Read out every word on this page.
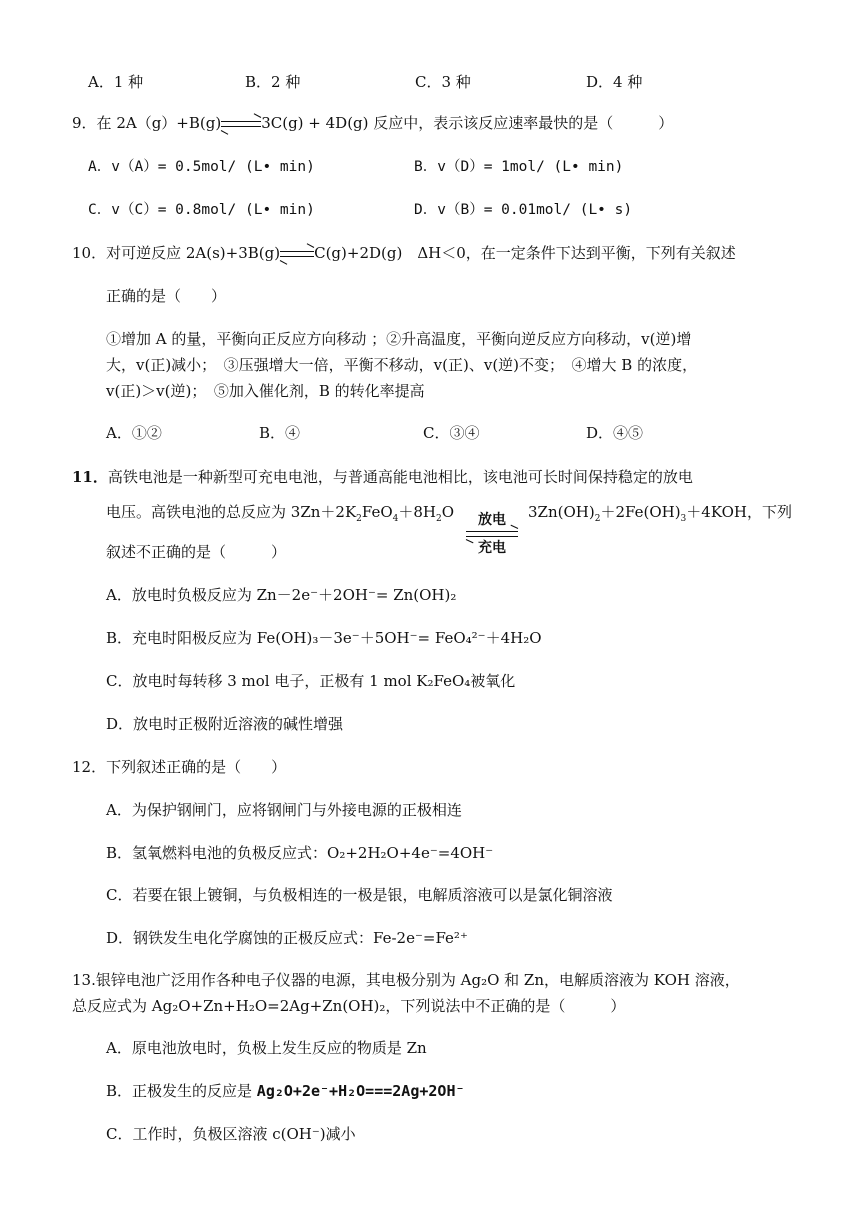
A．1 种	B．2 种	C．3 种	D．4 种
9．在 2A（g）+B(g)⇌3C(g) + 4D(g) 反应中，表示该反应速率最快的是（　　　）
A．v（A）= 0.5mol/ (L• min)	B．v（D）= 1mol/ (L• min)
C．v（C）= 0.8mol/ (L• min)	D．v（B）= 0.01mol/ (L• s)
10．对可逆反应 2A(s)+3B(g)⇌C(g)+2D(g)　ΔH＜0，在一定条件下达到平衡，下列有关叙述
正确的是（　　）
①增加 A 的量，平衡向正反应方向移动 ；②升高温度，平衡向逆反应方向移动，v(逆)增
大，v(正)减小；　③压强增大一倍，平衡不移动，v(正)、v(逆)不变；　④增大 B 的浓度，
v(正)＞v(逆)；　⑤加入催化剂，B 的转化率提高
A．①②	B．④	C．③④	D．④⑤
11．高铁电池是一种新型可充电电池，与普通高能电池相比，该电池可长时间保持稳定的放电
电压。高铁电池的总反应为 $3Zn+2K_2FeO_4+8H_2O$	放电
充电
$3Zn(OH)_2+2Fe(OH)_3+4KOH$，下列
叙述不正确的是（　　　）
A．放电时负极反应为 Zn－2e⁻＋2OH⁻= Zn(OH)₂
B．充电时阳极反应为 Fe(OH)₃－3e⁻＋5OH⁻= FeO₄²⁻＋4H₂O
C．放电时每转移 3 mol 电子，正极有 1 mol K₂FeO₄被氧化
D．放电时正极附近溶液的碱性增强
12．下列叙述正确的是（　　）
A．为保护钢闸门，应将钢闸门与外接电源的正极相连
B．氢氧燃料电池的负极反应式：O₂+2H₂O+4e⁻=4OH⁻
C．若要在银上镀铜，与负极相连的一极是银，电解质溶液可以是氯化铜溶液
D．钢铁发生电化学腐蚀的正极反应式：Fe-2e⁻=Fe²⁺
13.银锌电池广泛用作各种电子仪器的电源，其电极分别为 Ag₂O 和 Zn，电解质溶液为 KOH 溶液，
总反应式为 Ag₂O+Zn+H₂O=2Ag+Zn(OH)₂，下列说法中不正确的是（　　　）
A．原电池放电时，负极上发生反应的物质是 Zn
B．正极发生的反应是 Ag₂O+2e⁻+H₂O===2Ag+2OH⁻
C．工作时，负极区溶液 c(OH⁻)减小
